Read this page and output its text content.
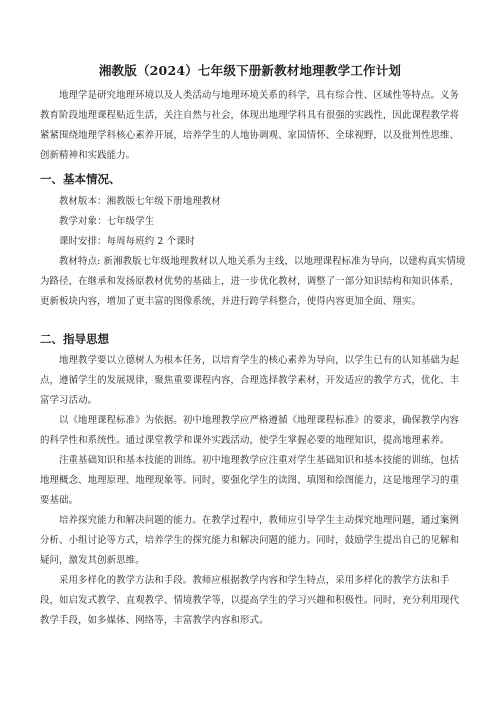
湘教版（2024）七年级下册新教材地理教学工作计划

地理学是研究地理环境以及人类活动与地理环境关系的科学，具有综合性、区域性等特点。义务教育阶段地理课程贴近生活，关注自然与社会，体现出地理学科具有很强的实践性，因此课程教学将紧紧围绕地理学科核心素养开展，培养学生的人地协调观、家国情怀、全球视野，以及批判性思维、创新精神和实践能力。

一、基本情况、

教材版本：湘教版七年级下册地理教材

教学对象：七年级学生

课时安排：每周每班约 2 个课时

教材特点: 新湘教版七年级地理教材以人地关系为主线，以地理课程标准为导向，以建构真实情境为路径，在继承和发扬原教材优势的基础上，进一步优化教材，调整了一部分知识结构和知识体系，更新板块内容，增加了更丰富的图像系统，并进行跨学科整合，使得内容更加全面、翔实。

二、指导思想

地理教学要以立德树人为根本任务，以培育学生的核心素养为导向，以学生已有的认知基础为起点，遵循学生的发展规律，聚焦重要课程内容，合理选择教学素材，开发适应的教学方式，优化、丰富学习活动。

以《地理课程标准》为依据。初中地理教学应严格遵循《地理课程标准》的要求，确保教学内容的科学性和系统性。通过课堂教学和课外实践活动，使学生掌握必要的地理知识，提高地理素养。

注重基础知识和基本技能的训练。初中地理教学应注重对学生基础知识和基本技能的训练，包括地理概念、地理原理、地理现象等。同时，要强化学生的读图、填图和绘图能力，这是地理学习的重要基础。

培养探究能力和解决问题的能力。在教学过程中，教师应引导学生主动探究地理问题，通过案例分析、小组讨论等方式，培养学生的探究能力和解决问题的能力。同时，鼓励学生提出自己的见解和疑问，激发其创新思维。

采用多样化的教学方法和手段。教师应根据教学内容和学生特点，采用多样化的教学方法和手段，如启发式教学、直观教学、情境教学等，以提高学生的学习兴趣和积极性。同时，充分利用现代教学手段，如多媒体、网络等，丰富教学内容和形式。
